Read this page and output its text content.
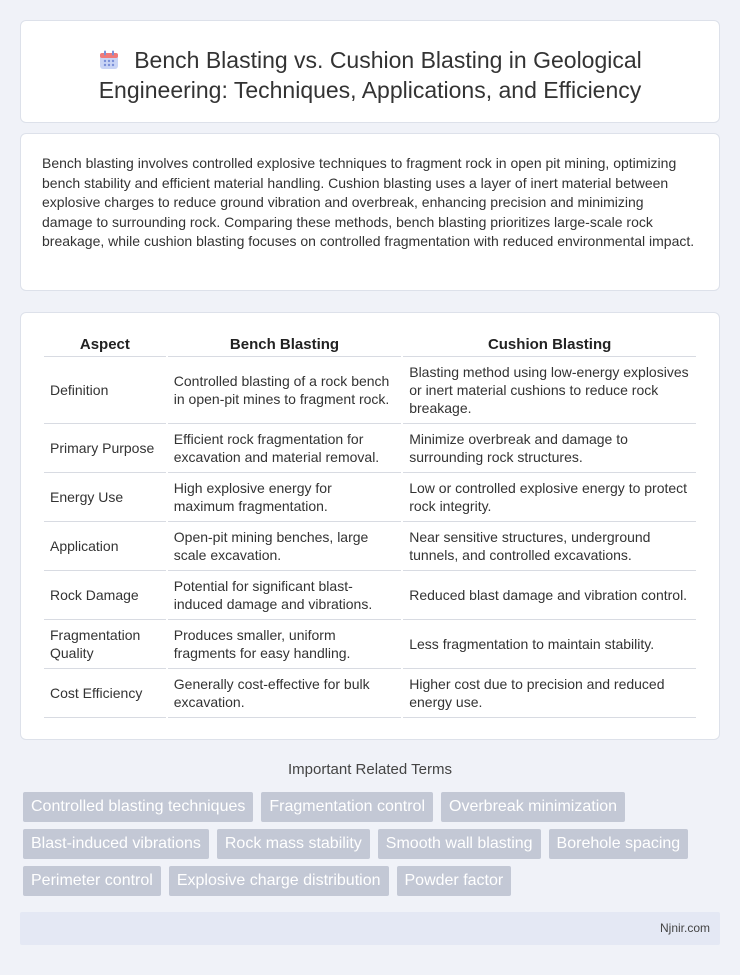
Bench Blasting vs. Cushion Blasting in Geological Engineering: Techniques, Applications, and Efficiency

Bench blasting involves controlled explosive techniques to fragment rock in open pit mining, optimizing bench stability and efficient material handling. Cushion blasting uses a layer of inert material between explosive charges to reduce ground vibration and overbreak, enhancing precision and minimizing damage to surrounding rock. Comparing these methods, bench blasting prioritizes large-scale rock breakage, while cushion blasting focuses on controlled fragmentation with reduced environmental impact.

Aspect	Bench Blasting	Cushion Blasting
Definition	Controlled blasting of a rock bench in open-pit mines to fragment rock.	Blasting method using low-energy explosives or inert material cushions to reduce rock breakage.
Primary Purpose	Efficient rock fragmentation for excavation and material removal.	Minimize overbreak and damage to surrounding rock structures.
Energy Use	High explosive energy for maximum fragmentation.	Low or controlled explosive energy to protect rock integrity.
Application	Open-pit mining benches, large scale excavation.	Near sensitive structures, underground tunnels, and controlled excavations.
Rock Damage	Potential for significant blast-induced damage and vibrations.	Reduced blast damage and vibration control.
Fragmentation Quality	Produces smaller, uniform fragments for easy handling.	Less fragmentation to maintain stability.
Cost Efficiency	Generally cost-effective for bulk excavation.	Higher cost due to precision and reduced energy use.
Important Related Terms
Controlled blasting techniques	Fragmentation control	Overbreak minimization
Blast-induced vibrations	Rock mass stability	Smooth wall blasting	Borehole spacing
Perimeter control	Explosive charge distribution	Powder factor
Njnir.com
